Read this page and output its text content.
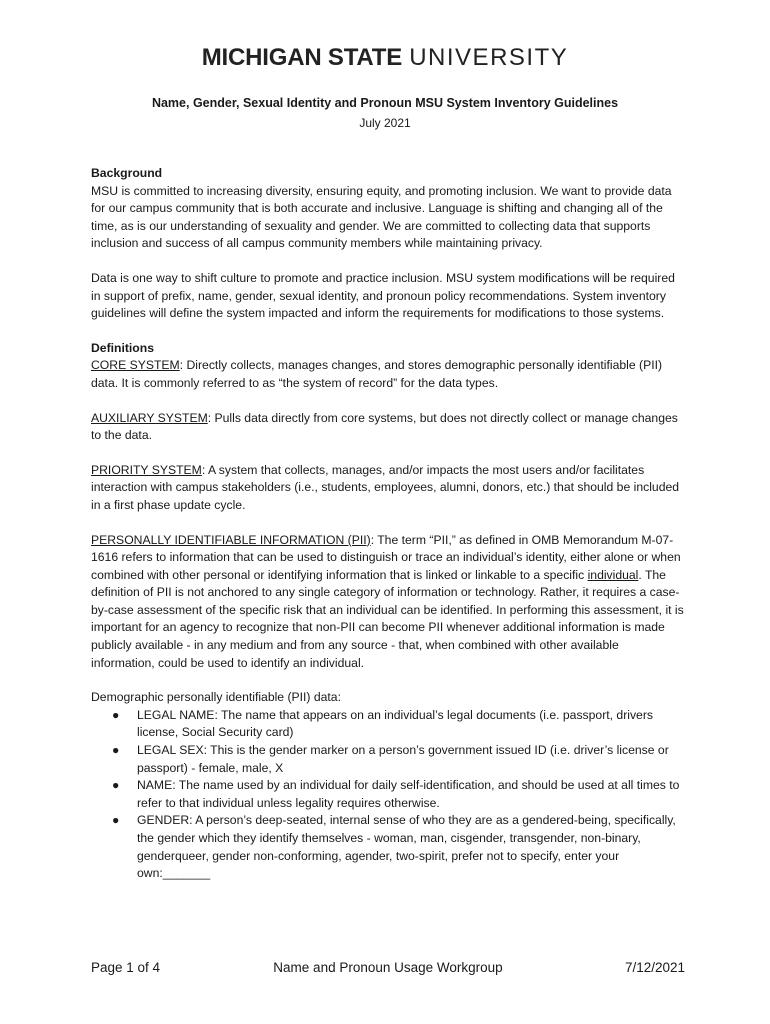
MICHIGAN STATE UNIVERSITY
Name, Gender, Sexual Identity and Pronoun MSU System Inventory Guidelines
July 2021

Background

MSU is committed to increasing diversity, ensuring equity, and promoting inclusion. We want to provide data for our campus community that is both accurate and inclusive. Language is shifting and changing all of the time, as is our understanding of sexuality and gender. We are committed to collecting data that supports inclusion and success of all campus community members while maintaining privacy.

Data is one way to shift culture to promote and practice inclusion. MSU system modifications will be required in support of prefix, name, gender, sexual identity, and pronoun policy recommendations. System inventory guidelines will define the system impacted and inform the requirements for modifications to those systems.

Definitions

CORE SYSTEM: Directly collects, manages changes, and stores demographic personally identifiable (PII) data. It is commonly referred to as “the system of record” for the data types.

AUXILIARY SYSTEM: Pulls data directly from core systems, but does not directly collect or manage changes to the data.

PRIORITY SYSTEM: A system that collects, manages, and/or impacts the most users and/or facilitates interaction with campus stakeholders (i.e., students, employees, alumni, donors, etc.) that should be included in a first phase update cycle.

PERSONALLY IDENTIFIABLE INFORMATION (PII): The term “PII,” as defined in OMB Memorandum M-07-1616 refers to information that can be used to distinguish or trace an individual’s identity, either alone or when combined with other personal or identifying information that is linked or linkable to a specific individual. The definition of PII is not anchored to any single category of information or technology. Rather, it requires a case-by-case assessment of the specific risk that an individual can be identified. In performing this assessment, it is important for an agency to recognize that non-PII can become PII whenever additional information is made publicly available - in any medium and from any source - that, when combined with other available information, could be used to identify an individual.

Demographic personally identifiable (PII) data:

● LEGAL NAME: The name that appears on an individual’s legal documents (i.e. passport, drivers license, Social Security card)
● LEGAL SEX: This is the gender marker on a person’s government issued ID (i.e. driver’s license or passport) - female, male, X
● NAME: The name used by an individual for daily self-identification, and should be used at all times to refer to that individual unless legality requires otherwise.
● GENDER: A person’s deep-seated, internal sense of who they are as a gendered-being, specifically, the gender which they identify themselves - woman, man, cisgender, transgender, non-binary, genderqueer, gender non-conforming, agender, two-spirit, prefer not to specify, enter your own:_______
Page 1 of 4	Name and Pronoun Usage Workgroup	7/12/2021
